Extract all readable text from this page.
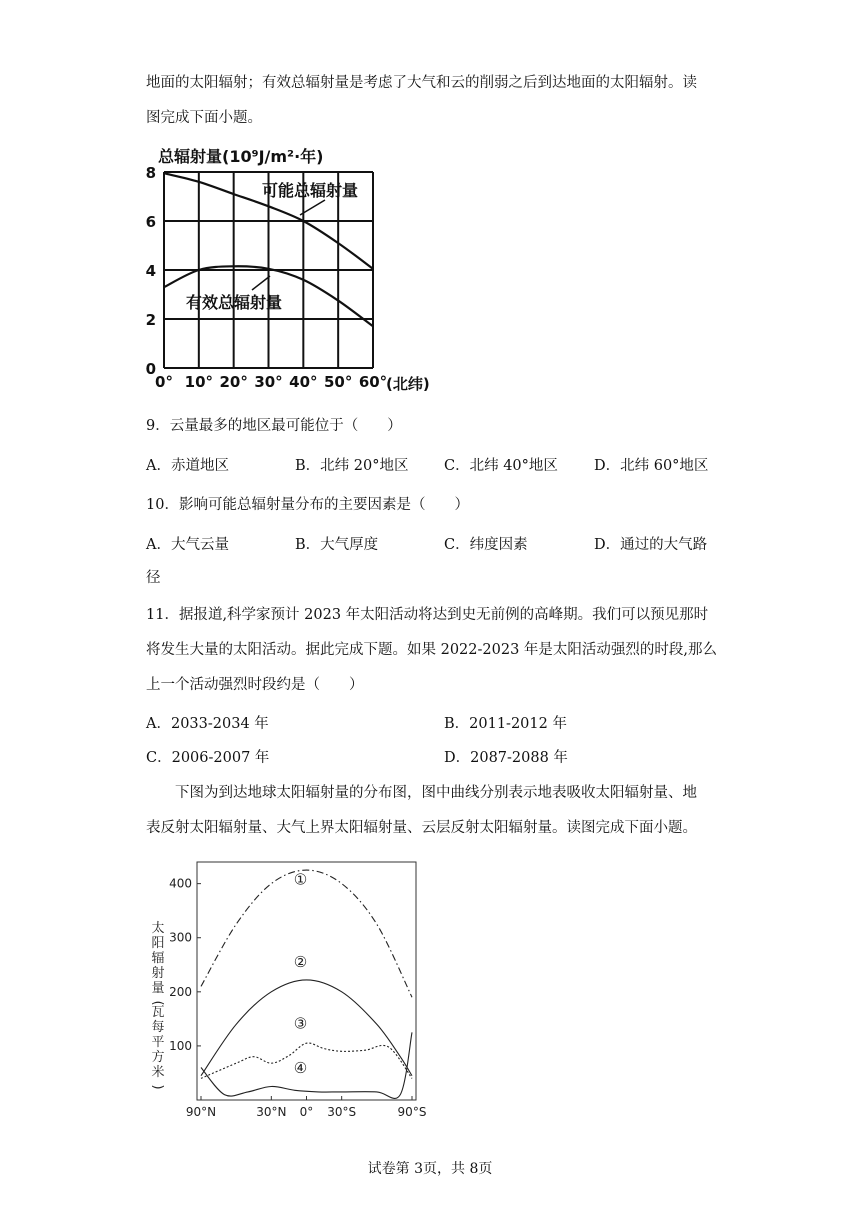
地面的太阳辐射；有效总辐射量是考虑了大气和云的削弱之后到达地面的太阳辐射。读
图完成下面小题。
0° 10° 20° 30° 40° 50° 60°
0
2
4
6
8
总辐射量(10⁹J/m²·年)
(北纬)
可能总辐射量
有效总辐射量
9．云量最多的地区最可能位于（　　）
A．赤道地区	B．北纬 20°地区 C．北纬 40°地区 D．北纬 60°地区
10．影响可能总辐射量分布的主要因素是（　　）
A．大气云量	B．大气厚度	C．纬度因素	D．通过的大气路
径
11．据报道,科学家预计 2023 年太阳活动将达到史无前例的高峰期。我们可以预见那时
将发生大量的太阳活动。据此完成下题。如果 2022-2023 年是太阳活动强烈的时段,那么
上一个活动强烈时段约是（　　）
A．2033-2034 年	B．2011-2012 年
C．2006-2007 年	D．2087-2088 年
下图为到达地球太阳辐射量的分布图，图中曲线分别表示地表吸收太阳辐射量、地
表反射太阳辐射量、大气上界太阳辐射量、云层反射太阳辐射量。读图完成下面小题。
90°N	30°N 0° 30°S	90°S
100
200
300
400	①
②
③
④
太
阳
辐
射
量
(
瓦
每
平
方
米
)
试卷第 3页，共 8页
